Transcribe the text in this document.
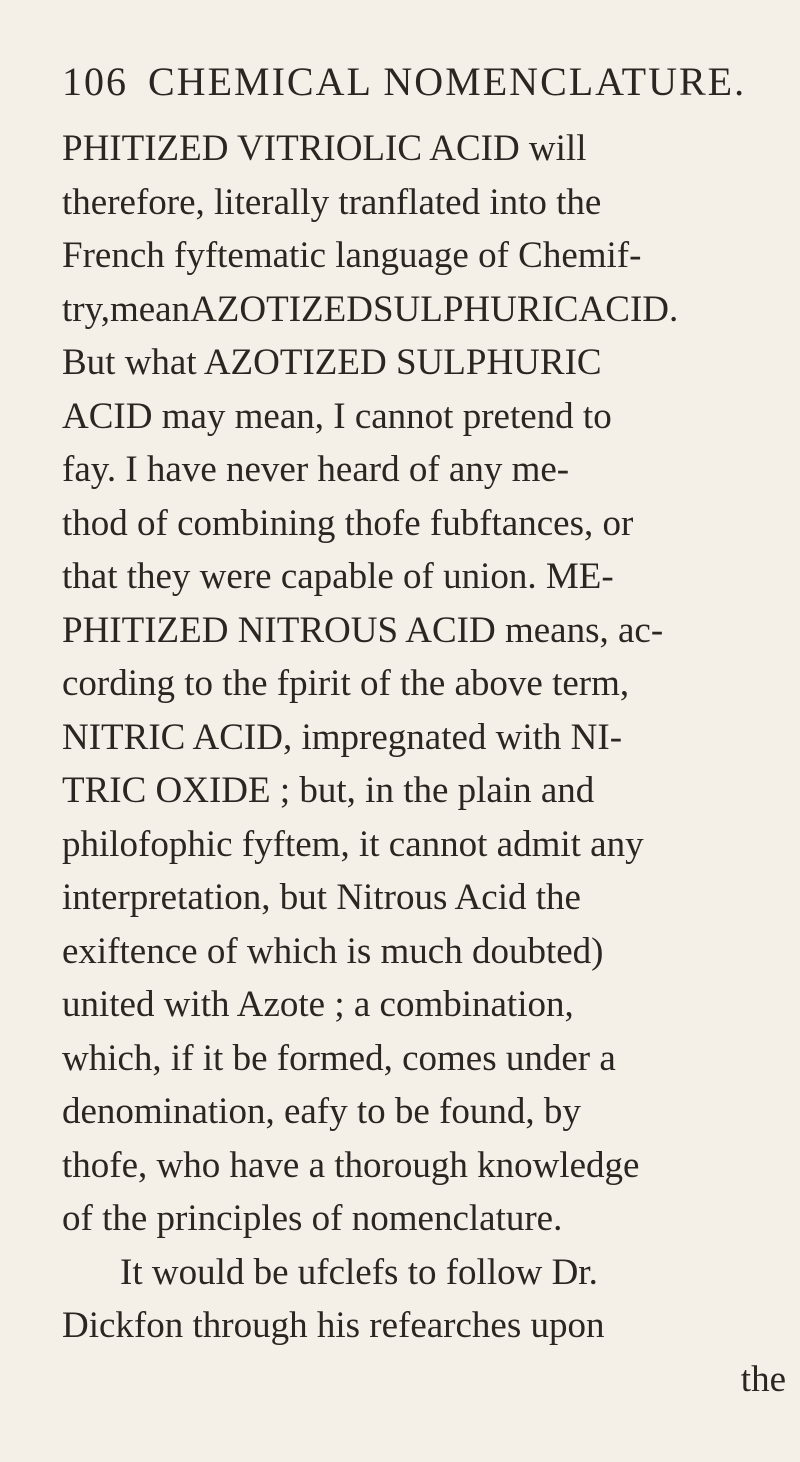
106 CHEMICAL NOMENCLATURE.
PHITIZED VITRIOLIC ACID will
therefore, literally tranflated into the
French fyftematic language of Chemif-
try,meanAZOTIZEDSULPHURICACID.
But what AZOTIZED SULPHURIC
ACID may mean, I cannot pretend to
fay. I have never heard of any me-
thod of combining thofe fubftances, or
that they were capable of union. ME-
PHITIZED NITROUS ACID means, ac-
cording to the fpirit of the above term,
NITRIC ACID, impregnated with NI-
TRIC OXIDE ; but, in the plain and
philofophic fyftem, it cannot admit any
interpretation, but Nitrous Acid the
exiftence of which is much doubted)
united with Azote ; a combination,
which, if it be formed, comes under a
denomination, eafy to be found, by
thofe, who have a thorough knowledge
of the principles of nomenclature.
It would be ufclefs to follow Dr.
Dickfon through his refearches upon
the
